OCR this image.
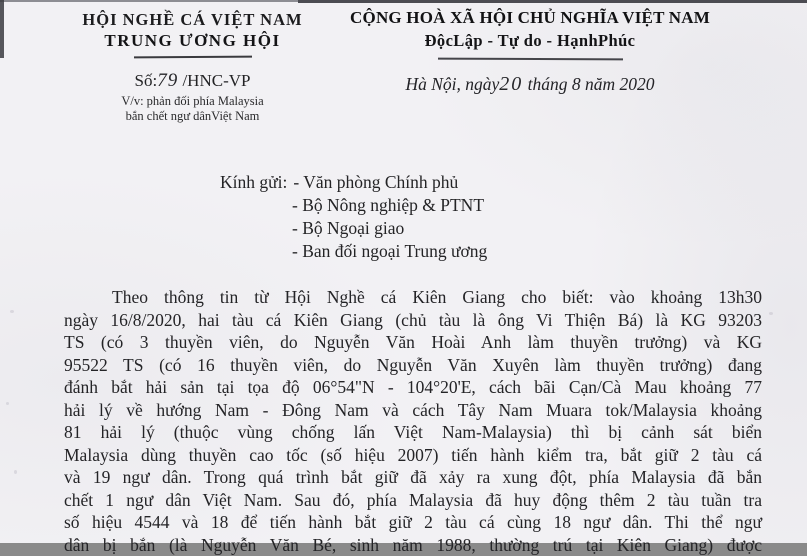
HỘI NGHỀ CÁ VIỆT NAM
TRUNG ƯƠNG HỘI
Số:79 /HNC-VP
V/v: phản đối phía Malaysia
bắn chết ngư dânViệt Nam
CỘNG HOÀ XÃ HỘI CHỦ NGHĨA VIỆT NAM
ĐộcLập - Tự do - HạnhPhúc
Hà Nội, ngày20 tháng 8 năm 2020
Kính gửi: - Văn phòng Chính phủ
- Bộ Nông nghiệp & PTNT
- Bộ Ngoại giao
- Ban đối ngoại Trung ương
Theo thông tin từ Hội Nghề cá Kiên Giang cho biết: vào khoảng 13h30
ngày 16/8/2020, hai tàu cá Kiên Giang (chủ tàu là ông Vi Thiện Bá) là KG 93203
TS (có 3 thuyền viên, do Nguyễn Văn Hoài Anh làm thuyền trưởng) và KG
95522 TS (có 16 thuyền viên, do Nguyễn Văn Xuyên làm thuyền trưởng) đang
đánh bắt hải sản tại tọa độ 06°54"N - 104°20'E, cách bãi Cạn/Cà Mau khoảng 77
hải lý về hướng Nam - Đông Nam và cách Tây Nam Muara tok/Malaysia khoảng
81 hải lý (thuộc vùng chống lấn Việt Nam-Malaysia) thì bị cảnh sát biển
Malaysia dùng thuyền cao tốc (số hiệu 2007) tiến hành kiểm tra, bắt giữ 2 tàu cá
và 19 ngư dân. Trong quá trình bắt giữ đã xảy ra xung đột, phía Malaysia đã bắn
chết 1 ngư dân Việt Nam. Sau đó, phía Malaysia đã huy động thêm 2 tàu tuần tra
số hiệu 4544 và 18 để tiến hành bắt giữ 2 tàu cá cùng 18 ngư dân. Thi thể ngư
dân bị bắn (là Nguyễn Văn Bé, sinh năm 1988, thường trú tại Kiên Giang) được
